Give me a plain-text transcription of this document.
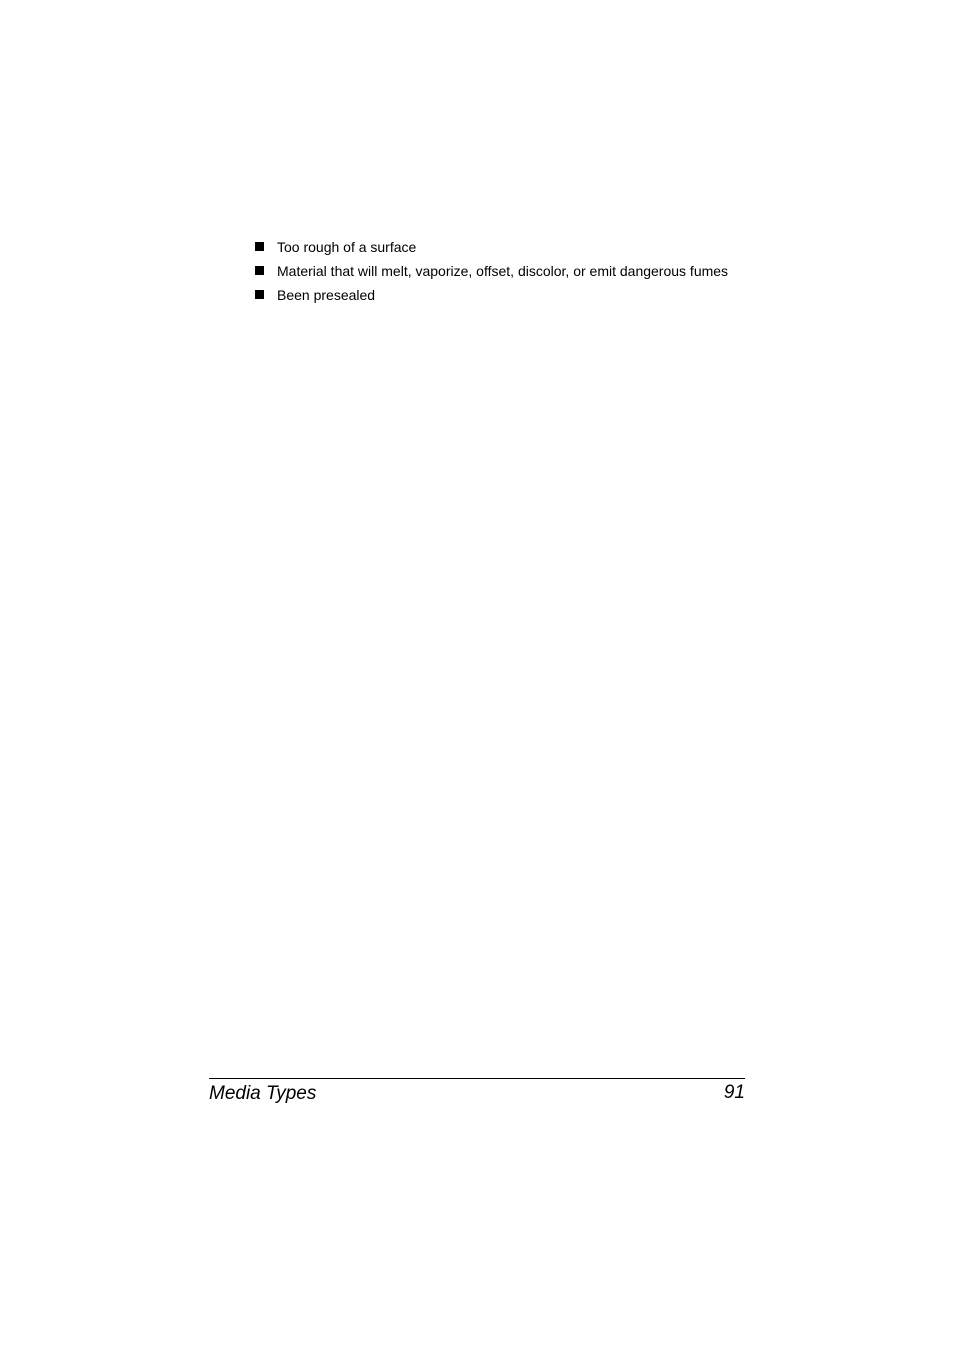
Too rough of a surface
Material that will melt, vaporize, offset, discolor, or emit dangerous fumes
Been presealed
Media Types	91
